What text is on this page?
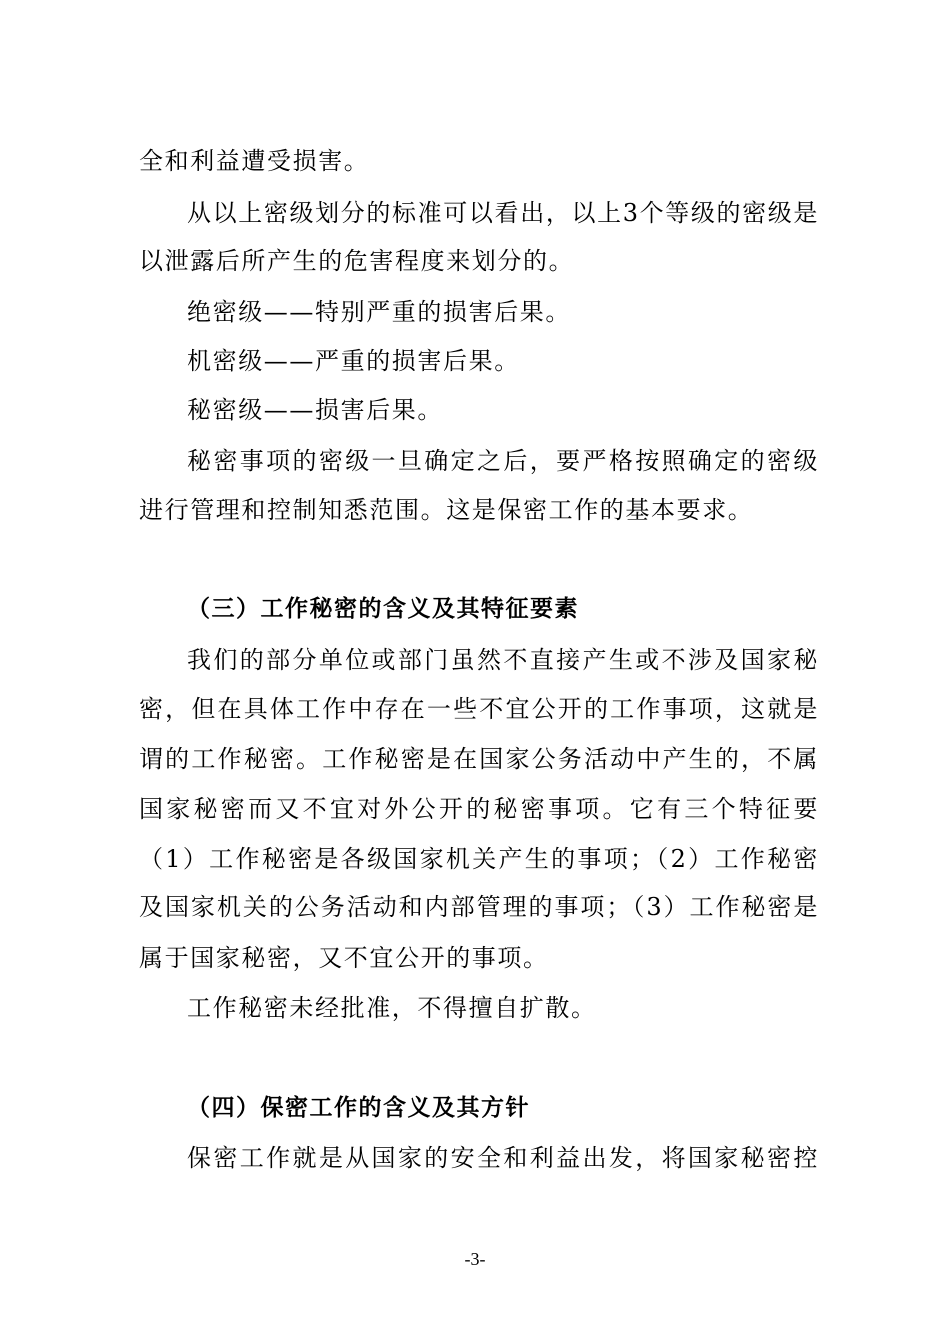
全和利益遭受损害。
从以上密级划分的标准可以看出，以上3个等级的密级是
以泄露后所产生的危害程度来划分的。
绝密级——特别严重的损害后果。
机密级——严重的损害后果。
秘密级——损害后果。
秘密事项的密级一旦确定之后，要严格按照确定的密级
进行管理和控制知悉范围。这是保密工作的基本要求。
（三）工作秘密的含义及其特征要素
我们的部分单位或部门虽然不直接产生或不涉及国家秘
密，但在具体工作中存在一些不宜公开的工作事项，这就是
谓的工作秘密。工作秘密是在国家公务活动中产生的，不属
国家秘密而又不宜对外公开的秘密事项。它有三个特征要
（1）工作秘密是各级国家机关产生的事项；（2）工作秘密
及国家机关的公务活动和内部管理的事项；（3）工作秘密是
属于国家秘密，又不宜公开的事项。
工作秘密未经批准，不得擅自扩散。
（四）保密工作的含义及其方针
保密工作就是从国家的安全和利益出发，将国家秘密控
-3-
